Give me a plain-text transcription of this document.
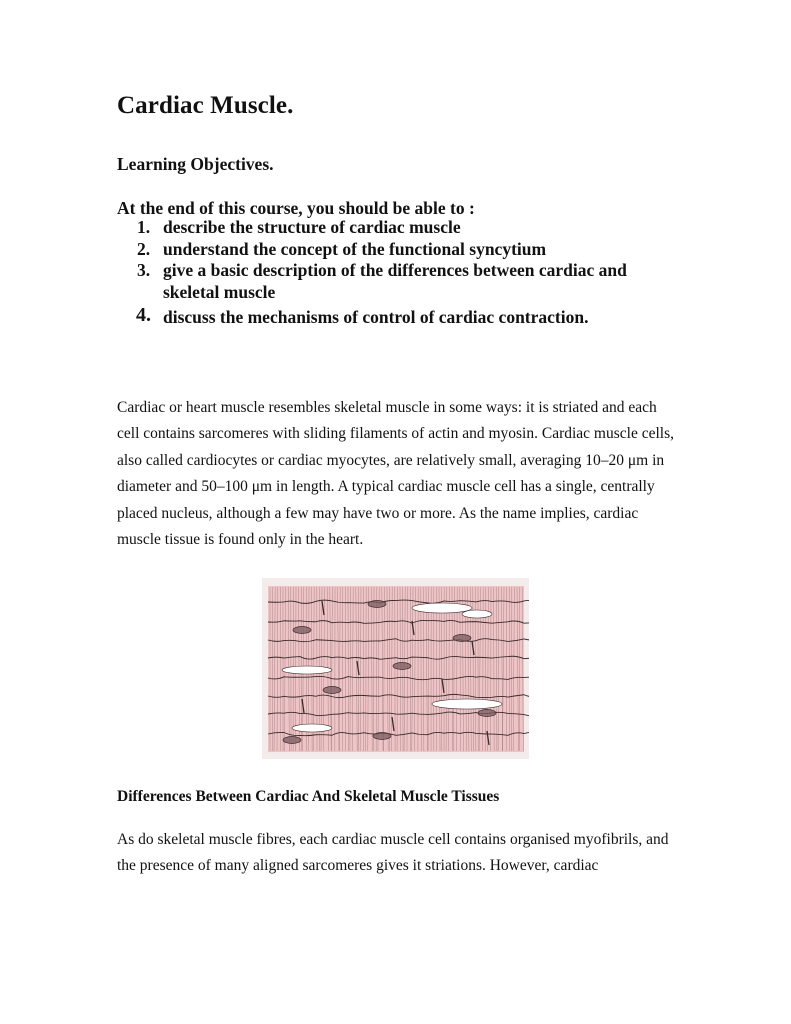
Cardiac Muscle.
Learning Objectives.

At the end of this course, you should be able to :

1. describe the structure of cardiac muscle
2. understand the concept of the functional syncytium
3. give a basic description of the differences between cardiac and skeletal muscle
4. discuss the mechanisms of control of cardiac contraction.

Cardiac or heart muscle resembles skeletal muscle in some ways: it is striated and each cell contains sarcomeres with sliding filaments of actin and myosin. Cardiac muscle cells, also called cardiocytes or cardiac myocytes, are relatively small, averaging 10–20 μm in diameter and 50–100 μm in length. A typical cardiac muscle cell has a single, centrally placed nucleus, although a few may have two or more. As the name implies, cardiac muscle tissue is found only in the heart.

Differences Between Cardiac And Skeletal Muscle Tissues

As do skeletal muscle fibres, each cardiac muscle cell contains organised myofibrils, and the presence of many aligned sarcomeres gives it striations. However, cardiac
